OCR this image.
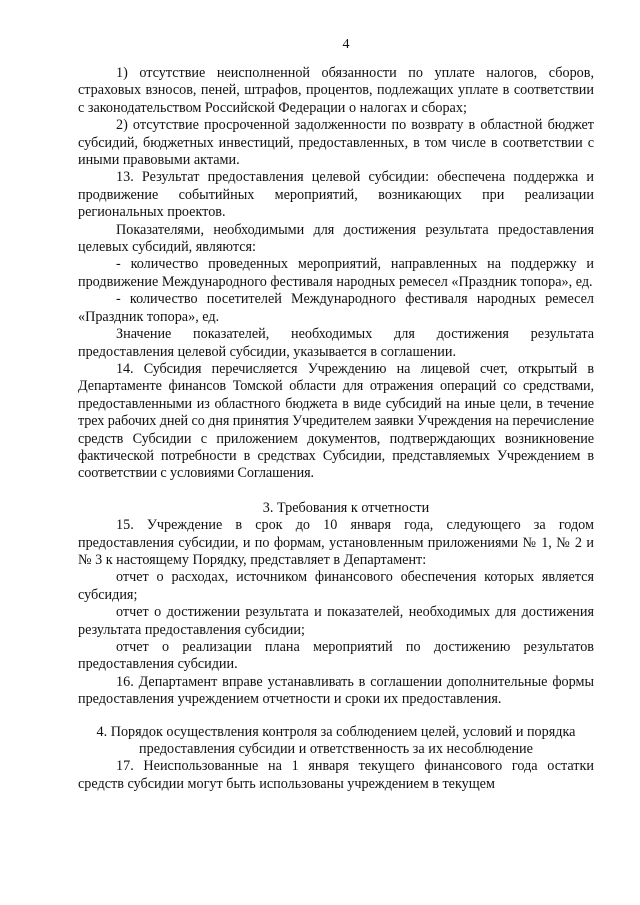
4

1) отсутствие неисполненной обязанности по уплате налогов, сборов, страховых взносов, пеней, штрафов, процентов, подлежащих уплате в соответствии с законодательством Российской Федерации о налогах и сборах;

2) отсутствие просроченной задолженности по возврату в областной бюджет субсидий, бюджетных инвестиций, предоставленных, в том числе в соответствии с иными правовыми актами.

13. Результат предоставления целевой субсидии: обеспечена поддержка и продвижение событийных мероприятий, возникающих при реализации региональных проектов.

Показателями, необходимыми для достижения результата предоставления целевых субсидий, являются:

- количество проведенных мероприятий, направленных на поддержку и продвижение Международного фестиваля народных ремесел «Праздник топора», ед.

- количество посетителей Международного фестиваля народных ремесел «Праздник топора», ед.

Значение показателей, необходимых для достижения результата предоставления целевой субсидии, указывается в соглашении.

14. Субсидия перечисляется Учреждению на лицевой счет, открытый в Департаменте финансов Томской области для отражения операций со средствами, предоставленными из областного бюджета в виде субсидий на иные цели, в течение трех рабочих дней со дня принятия Учредителем заявки Учреждения на перечисление средств Субсидии с приложением документов, подтверждающих возникновение фактической потребности в средствах Субсидии, представляемых Учреждением в соответствии с условиями Соглашения.

3. Требования к отчетности

15. Учреждение в срок до 10 января года, следующего за годом предоставления субсидии, и по формам, установленным приложениями № 1, № 2 и № 3 к настоящему Порядку, представляет в Департамент:

отчет о расходах, источником финансового обеспечения которых является субсидия;

отчет о достижении результата и показателей, необходимых для достижения результата предоставления субсидии;

отчет о реализации плана мероприятий по достижению результатов предоставления субсидии.

16. Департамент вправе устанавливать в соглашении дополнительные формы предоставления учреждением отчетности и сроки их предоставления.

4. Порядок осуществления контроля за соблюдением целей, условий и порядка
предоставления субсидии и ответственность за их несоблюдение

17. Неиспользованные на 1 января текущего финансового года остатки средств субсидии могут быть использованы учреждением в текущем
